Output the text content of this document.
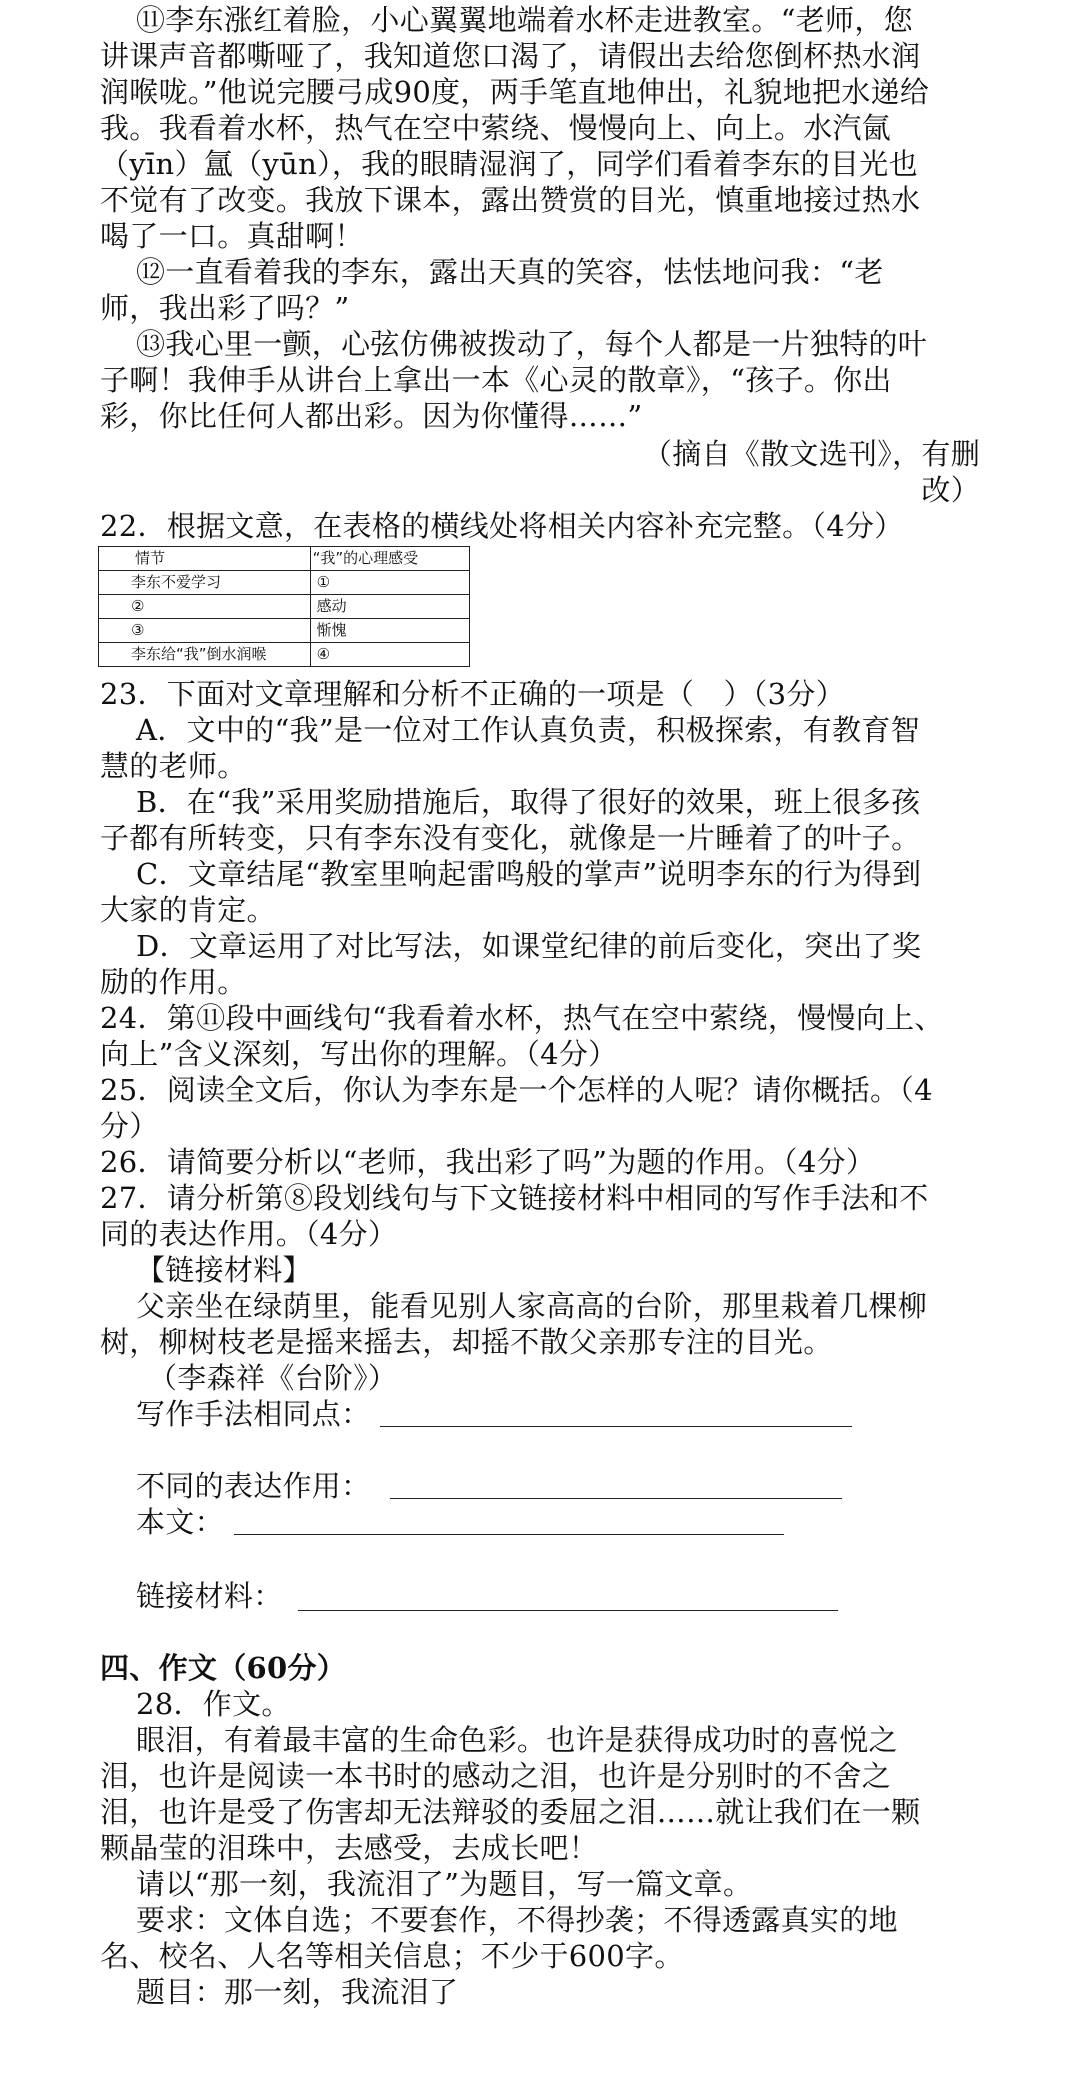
⑪李东涨红着脸，小心翼翼地端着水杯走进教室。“老师，您
讲课声音都嘶哑了，我知道您口渴了，请假出去给您倒杯热水润
润喉咙。”他说完腰弓成90度，两手笔直地伸出，礼貌地把水递给
我。我看着水杯，热气在空中萦绕、慢慢向上、向上。水汽氤
（yīn）氲（yūn），我的眼睛湿润了，同学们看着李东的目光也
不觉有了改变。我放下课本，露出赞赏的目光，慎重地接过热水
喝了一口。真甜啊！
⑫一直看着我的李东，露出天真的笑容，怯怯地问我：“老
师，我出彩了吗？”
⑬我心里一颤，心弦仿佛被拨动了，每个人都是一片独特的叶
子啊！我伸手从讲台上拿出一本《心灵的散章》，“孩子。你出
彩，你比任何人都出彩。因为你懂得……”
（摘自《散文选刊》，有删
改）
22．根据文意，在表格的横线处将相关内容补充完整。（4分）
情节	“我”的心理感受
李东不爱学习	①
②	感动
③	惭愧
李东给“我”倒水润喉	④
23．下面对文章理解和分析不正确的一项是（　）（3分）
A．文中的“我”是一位对工作认真负责，积极探索，有教育智
慧的老师。
B．在“我”采用奖励措施后，取得了很好的效果，班上很多孩
子都有所转变，只有李东没有变化，就像是一片睡着了的叶子。
C．文章结尾“教室里响起雷鸣般的掌声”说明李东的行为得到
大家的肯定。
D．文章运用了对比写法，如课堂纪律的前后变化，突出了奖
励的作用。
24．第⑪段中画线句“我看着水杯，热气在空中萦绕，慢慢向上、
向上”含义深刻，写出你的理解。（4分）
25．阅读全文后，你认为李东是一个怎样的人呢？请你概括。（4
分）
26．请简要分析以“老师，我出彩了吗”为题的作用。（4分）
27．请分析第⑧段划线句与下文链接材料中相同的写作手法和不
同的表达作用。（4分）
【链接材料】
父亲坐在绿荫里，能看见别人家高高的台阶，那里栽着几棵柳
树，柳树枝老是摇来摇去，却摇不散父亲那专注的目光。
（李森祥《台阶》）
写作手法相同点：
不同的表达作用：
本文：
链接材料：
四、作文（60分）
28．作文。
眼泪，有着最丰富的生命色彩。也许是获得成功时的喜悦之
泪，也许是阅读一本书时的感动之泪，也许是分别时的不舍之
泪，也许是受了伤害却无法辩驳的委屈之泪……就让我们在一颗
颗晶莹的泪珠中，去感受，去成长吧！
请以“那一刻，我流泪了”为题目，写一篇文章。
要求：文体自选；不要套作，不得抄袭；不得透露真实的地
名、校名、人名等相关信息；不少于600字。
题目：那一刻，我流泪了
